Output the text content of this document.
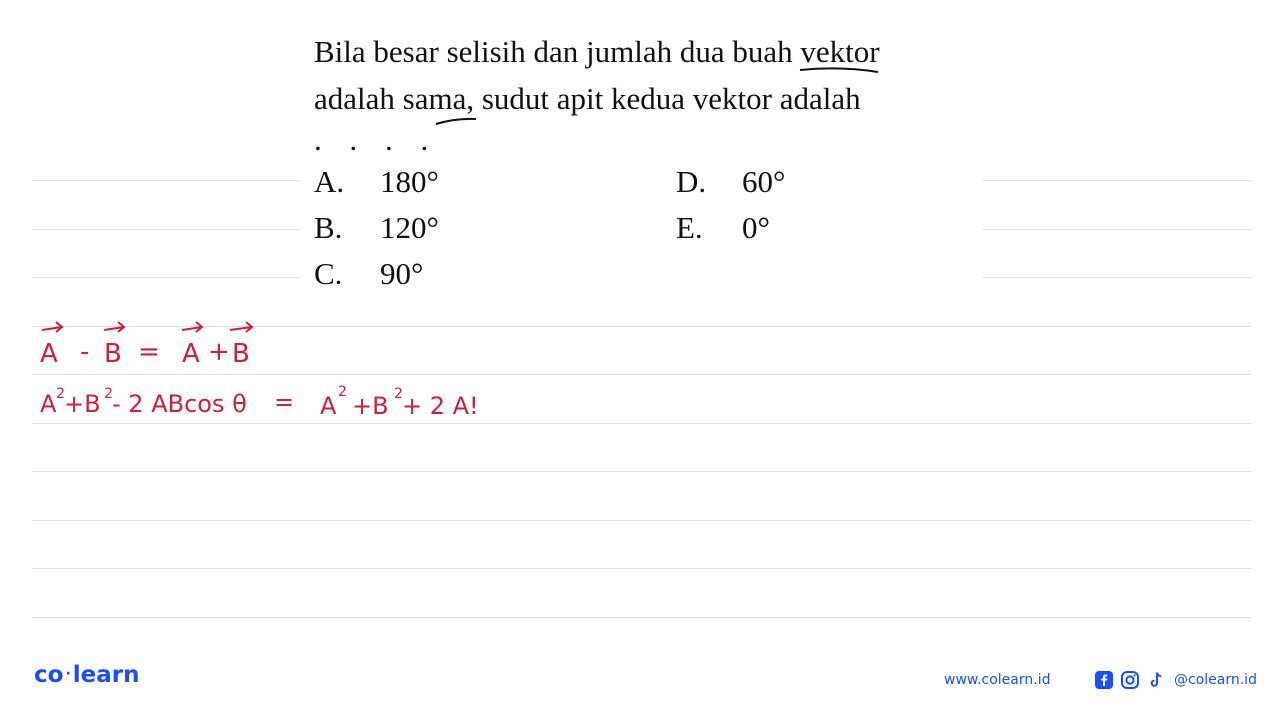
Bila besar selisih dan jumlah dua buah vektor
adalah sama, sudut apit kedua vektor adalah
. . . .
A. 180°
B. 120°
C. 90°
D. 60°
E. 0°
A - B = A + B
A 2 +B 2 - 2 ABcos θ = A 2 +B 2 + 2 A!
co ·learn	www.colearn.id	@colearn.id
